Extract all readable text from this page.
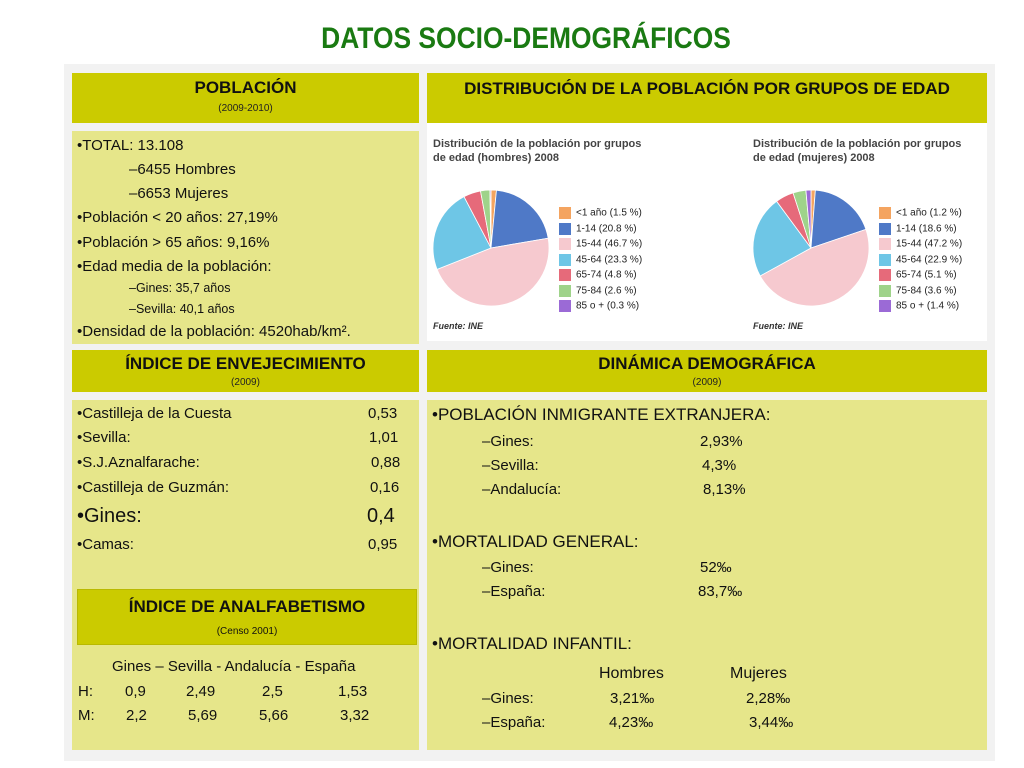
DATOS SOCIO-DEMOGRÁFICOS
POBLACIÓN
(2009-2010)
•TOTAL: 13.108
–6455 Hombres
–6653 Mujeres
•Población < 20 años: 27,19%
•Población > 65 años: 9,16%
•Edad media de la población:
–Gines: 35,7 años
–Sevilla: 40,1 años
•Densidad de la población: 4520hab/km².
DISTRIBUCIÓN DE LA POBLACIÓN POR GRUPOS DE EDAD
Distribución de la población por grupos de edad (hombres) 2008
Distribución de la población por grupos de edad (mujeres) 2008
<1 año (1.5 %)
1-14 (20.8 %)
15-44 (46.7 %)
45-64 (23.3 %)
65-74 (4.8 %)
75-84 (2.6 %)
85 o + (0.3 %)
<1 año (1.2 %)
1-14 (18.6 %)
15-44 (47.2 %)
45-64 (22.9 %)
65-74 (5.1 %)
75-84 (3.6 %)
85 o + (1.4 %)
Fuente: INE	Fuente: INE
ÍNDICE DE ENVEJECIMIENTO
(2009)
•Castilleja de la Cuesta	0,53
•Sevilla:	1,01
•S.J.Aznalfarache:	0,88
•Castilleja de Guzmán:	0,16
•Gines:	0,4
•Camas:	0,95
Gines – Sevilla - Andalucía - España
H: 0,9	2,49	2,5	1,53
M: 2,2	5,69	5,66	3,32
ÍNDICE DE ANALFABETISMO
(Censo 2001)
DINÁMICA DEMOGRÁFICA
(2009)
•POBLACIÓN INMIGRANTE EXTRANJERA:
–Gines:	2,93%
–Sevilla:	4,3%
–Andalucía:	8,13%
•MORTALIDAD GENERAL:
–Gines:	52‰
–España:	83,7‰
•MORTALIDAD INFANTIL:
Hombres	Mujeres
–Gines:	3,21‰	2,28‰
–España:	4,23‰	3,44‰
